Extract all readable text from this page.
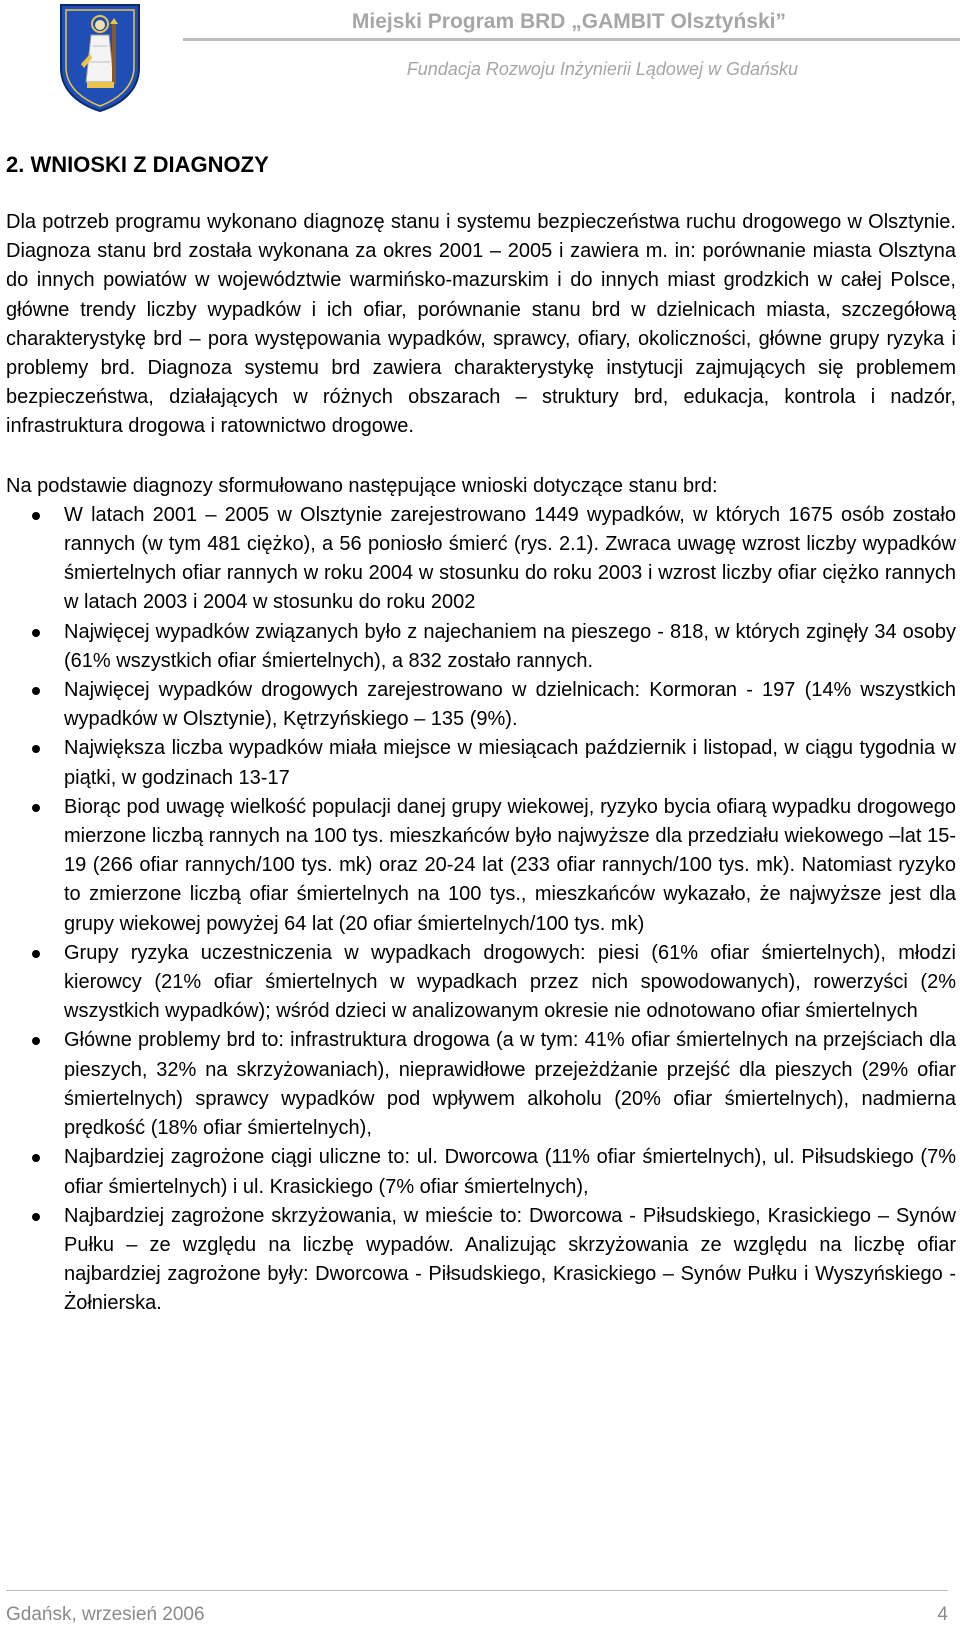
Miejski Program BRD „GAMBIT Olsztyński”
Fundacja Rozwoju Inżynierii Lądowej w Gdańsku
2. WNIOSKI Z DIAGNOZY

Dla potrzeb programu wykonano diagnozę stanu i systemu bezpieczeństwa ruchu drogowego w Olsztynie. Diagnoza stanu brd została wykonana za okres 2001 – 2005 i zawiera m. in: porównanie miasta Olsztyna do innych powiatów w województwie warmińsko-mazurskim i do innych miast grodzkich w całej Polsce, główne trendy liczby wypadków i ich ofiar, porównanie stanu brd w dzielnicach miasta, szczegółową charakterystykę brd – pora występowania wypadków, sprawcy, ofiary, okoliczności, główne grupy ryzyka i problemy brd. Diagnoza systemu brd zawiera charakterystykę instytucji zajmujących się problemem bezpieczeństwa, działających w różnych obszarach – struktury brd, edukacja, kontrola i nadzór, infrastruktura drogowa i ratownictwo drogowe.

Na podstawie diagnozy sformułowano następujące wnioski dotyczące stanu brd:

W latach 2001 – 2005 w Olsztynie zarejestrowano 1449 wypadków, w których 1675 osób zostało rannych (w tym 481 ciężko), a 56 poniosło śmierć (rys. 2.1). Zwraca uwagę wzrost liczby wypadków śmiertelnych ofiar rannych w roku 2004 w stosunku do roku 2003 i wzrost liczby ofiar ciężko rannych w latach 2003 i 2004 w stosunku do roku 2002
Najwięcej wypadków związanych było z najechaniem na pieszego - 818, w których zginęły 34 osoby (61% wszystkich ofiar śmiertelnych), a 832 zostało rannych.
Najwięcej wypadków drogowych zarejestrowano w dzielnicach: Kormoran - 197 (14% wszystkich wypadków w Olsztynie), Kętrzyńskiego – 135 (9%).
Największa liczba wypadków miała miejsce w miesiącach październik i listopad, w ciągu tygodnia w piątki, w godzinach 13-17
Biorąc pod uwagę wielkość populacji danej grupy wiekowej, ryzyko bycia ofiarą wypadku drogowego mierzone liczbą rannych na 100 tys. mieszkańców było najwyższe dla przedziału wiekowego –lat 15-19 (266 ofiar rannych/100 tys. mk) oraz 20-24 lat (233 ofiar rannych/100 tys. mk). Natomiast ryzyko to zmierzone liczbą ofiar śmiertelnych na 100 tys., mieszkańców wykazało, że najwyższe jest dla grupy wiekowej powyżej 64 lat (20 ofiar śmiertelnych/100 tys. mk)
Grupy ryzyka uczestniczenia w wypadkach drogowych: piesi (61% ofiar śmiertelnych), młodzi kierowcy (21% ofiar śmiertelnych w wypadkach przez nich spowodowanych), rowerzyści (2% wszystkich wypadków); wśród dzieci w analizowanym okresie nie odnotowano ofiar śmiertelnych
Główne problemy brd to: infrastruktura drogowa (a w tym: 41% ofiar śmiertelnych na przejściach dla pieszych, 32% na skrzyżowaniach), nieprawidłowe przejeżdżanie przejść dla pieszych (29% ofiar śmiertelnych) sprawcy wypadków pod wpływem alkoholu (20% ofiar śmiertelnych), nadmierna prędkość (18% ofiar śmiertelnych),
Najbardziej zagrożone ciągi uliczne to: ul. Dworcowa (11% ofiar śmiertelnych), ul. Piłsudskiego (7% ofiar śmiertelnych) i ul. Krasickiego (7% ofiar śmiertelnych),
Najbardziej zagrożone skrzyżowania, w mieście to: Dworcowa - Piłsudskiego, Krasickiego – Synów Pułku – ze względu na liczbę wypadów. Analizując skrzyżowania ze względu na liczbę ofiar najbardziej zagrożone były: Dworcowa - Piłsudskiego, Krasickiego – Synów Pułku i Wyszyńskiego - Żołnierska.
Gdańsk, wrzesień 2006	4
